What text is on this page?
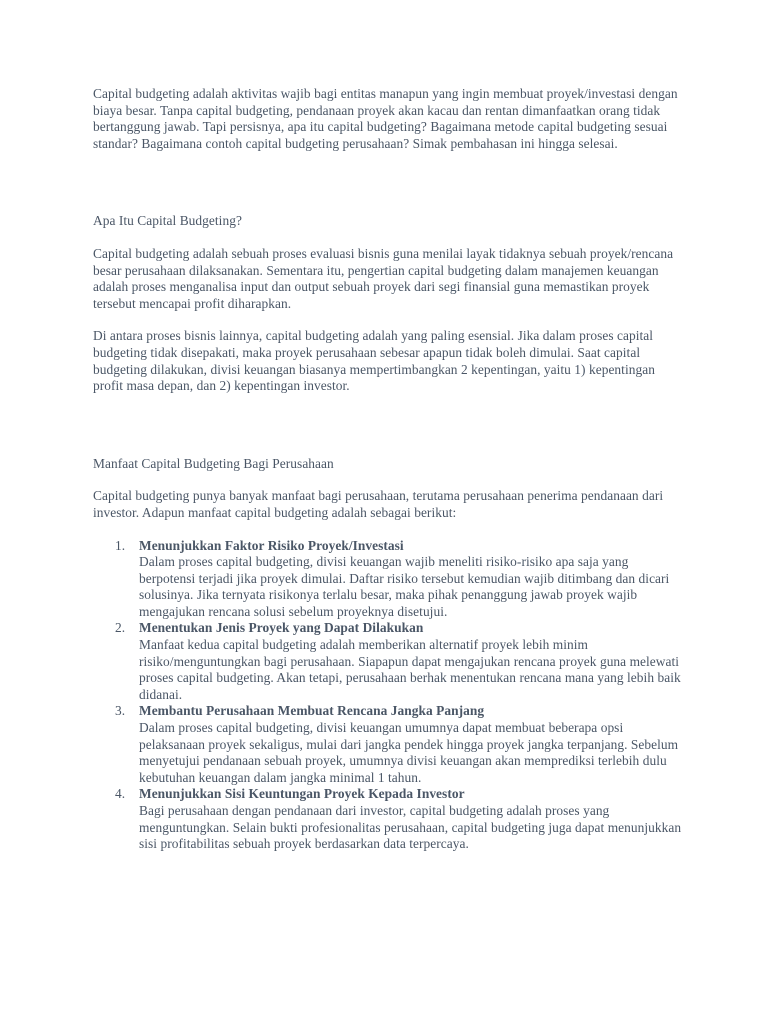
Capital budgeting adalah aktivitas wajib bagi entitas manapun yang ingin membuat proyek/investasi dengan biaya besar. Tanpa capital budgeting, pendanaan proyek akan kacau dan rentan dimanfaatkan orang tidak bertanggung jawab. Tapi persisnya, apa itu capital budgeting? Bagaimana metode capital budgeting sesuai standar? Bagaimana contoh capital budgeting perusahaan? Simak pembahasan ini hingga selesai.

Apa Itu Capital Budgeting?

Capital budgeting adalah sebuah proses evaluasi bisnis guna menilai layak tidaknya sebuah proyek/rencana besar perusahaan dilaksanakan. Sementara itu, pengertian capital budgeting dalam manajemen keuangan adalah proses menganalisa input dan output sebuah proyek dari segi finansial guna memastikan proyek tersebut mencapai profit diharapkan.

Di antara proses bisnis lainnya, capital budgeting adalah yang paling esensial. Jika dalam proses capital budgeting tidak disepakati, maka proyek perusahaan sebesar apapun tidak boleh dimulai. Saat capital budgeting dilakukan, divisi keuangan biasanya mempertimbangkan 2 kepentingan, yaitu 1) kepentingan profit masa depan, dan 2) kepentingan investor.

Manfaat Capital Budgeting Bagi Perusahaan

Capital budgeting punya banyak manfaat bagi perusahaan, terutama perusahaan penerima pendanaan dari investor. Adapun manfaat capital budgeting adalah sebagai berikut:

1. Menunjukkan Faktor Risiko Proyek/Investasi
Dalam proses capital budgeting, divisi keuangan wajib meneliti risiko-risiko apa saja yang berpotensi terjadi jika proyek dimulai. Daftar risiko tersebut kemudian wajib ditimbang dan dicari solusinya. Jika ternyata risikonya terlalu besar, maka pihak penanggung jawab proyek wajib mengajukan rencana solusi sebelum proyeknya disetujui.
2. Menentukan Jenis Proyek yang Dapat Dilakukan
Manfaat kedua capital budgeting adalah memberikan alternatif proyek lebih minim risiko/menguntungkan bagi perusahaan. Siapapun dapat mengajukan rencana proyek guna melewati proses capital budgeting. Akan tetapi, perusahaan berhak menentukan rencana mana yang lebih baik didanai.
3. Membantu Perusahaan Membuat Rencana Jangka Panjang
Dalam proses capital budgeting, divisi keuangan umumnya dapat membuat beberapa opsi pelaksanaan proyek sekaligus, mulai dari jangka pendek hingga proyek jangka terpanjang. Sebelum menyetujui pendanaan sebuah proyek, umumnya divisi keuangan akan memprediksi terlebih dulu kebutuhan keuangan dalam jangka minimal 1 tahun.
4. Menunjukkan Sisi Keuntungan Proyek Kepada Investor
Bagi perusahaan dengan pendanaan dari investor, capital budgeting adalah proses yang menguntungkan. Selain bukti profesionalitas perusahaan, capital budgeting juga dapat menunjukkan sisi profitabilitas sebuah proyek berdasarkan data terpercaya.
